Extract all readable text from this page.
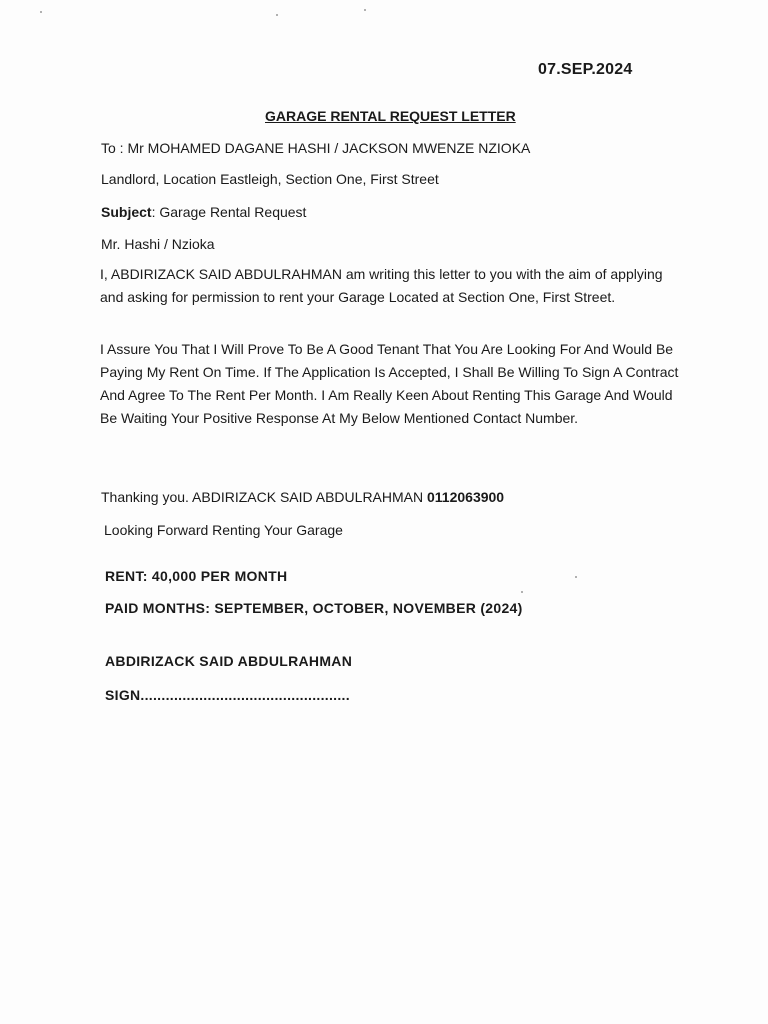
07.SEP.2024
GARAGE RENTAL REQUEST LETTER
To : Mr MOHAMED DAGANE HASHI / JACKSON MWENZE NZIOKA
Landlord, Location Eastleigh, Section One, First Street
Subject: Garage Rental Request
Mr. Hashi / Nzioka
I, ABDIRIZACK SAID ABDULRAHMAN am writing this letter to you with the aim of applying and asking for permission to rent your Garage Located at Section One, First Street.
I Assure You That I Will Prove To Be A Good Tenant That You Are Looking For And Would Be Paying My Rent On Time. If The Application Is Accepted, I Shall Be Willing To Sign A Contract And Agree To The Rent Per Month. I Am Really Keen About Renting This Garage And Would Be Waiting Your Positive Response At My Below Mentioned Contact Number.
Thanking you. ABDIRIZACK SAID ABDULRAHMAN 0112063900
Looking Forward Renting Your Garage
RENT: 40,000 PER MONTH
PAID MONTHS: SEPTEMBER, OCTOBER, NOVEMBER (2024)
ABDIRIZACK SAID ABDULRAHMAN
SIGN..................................................
